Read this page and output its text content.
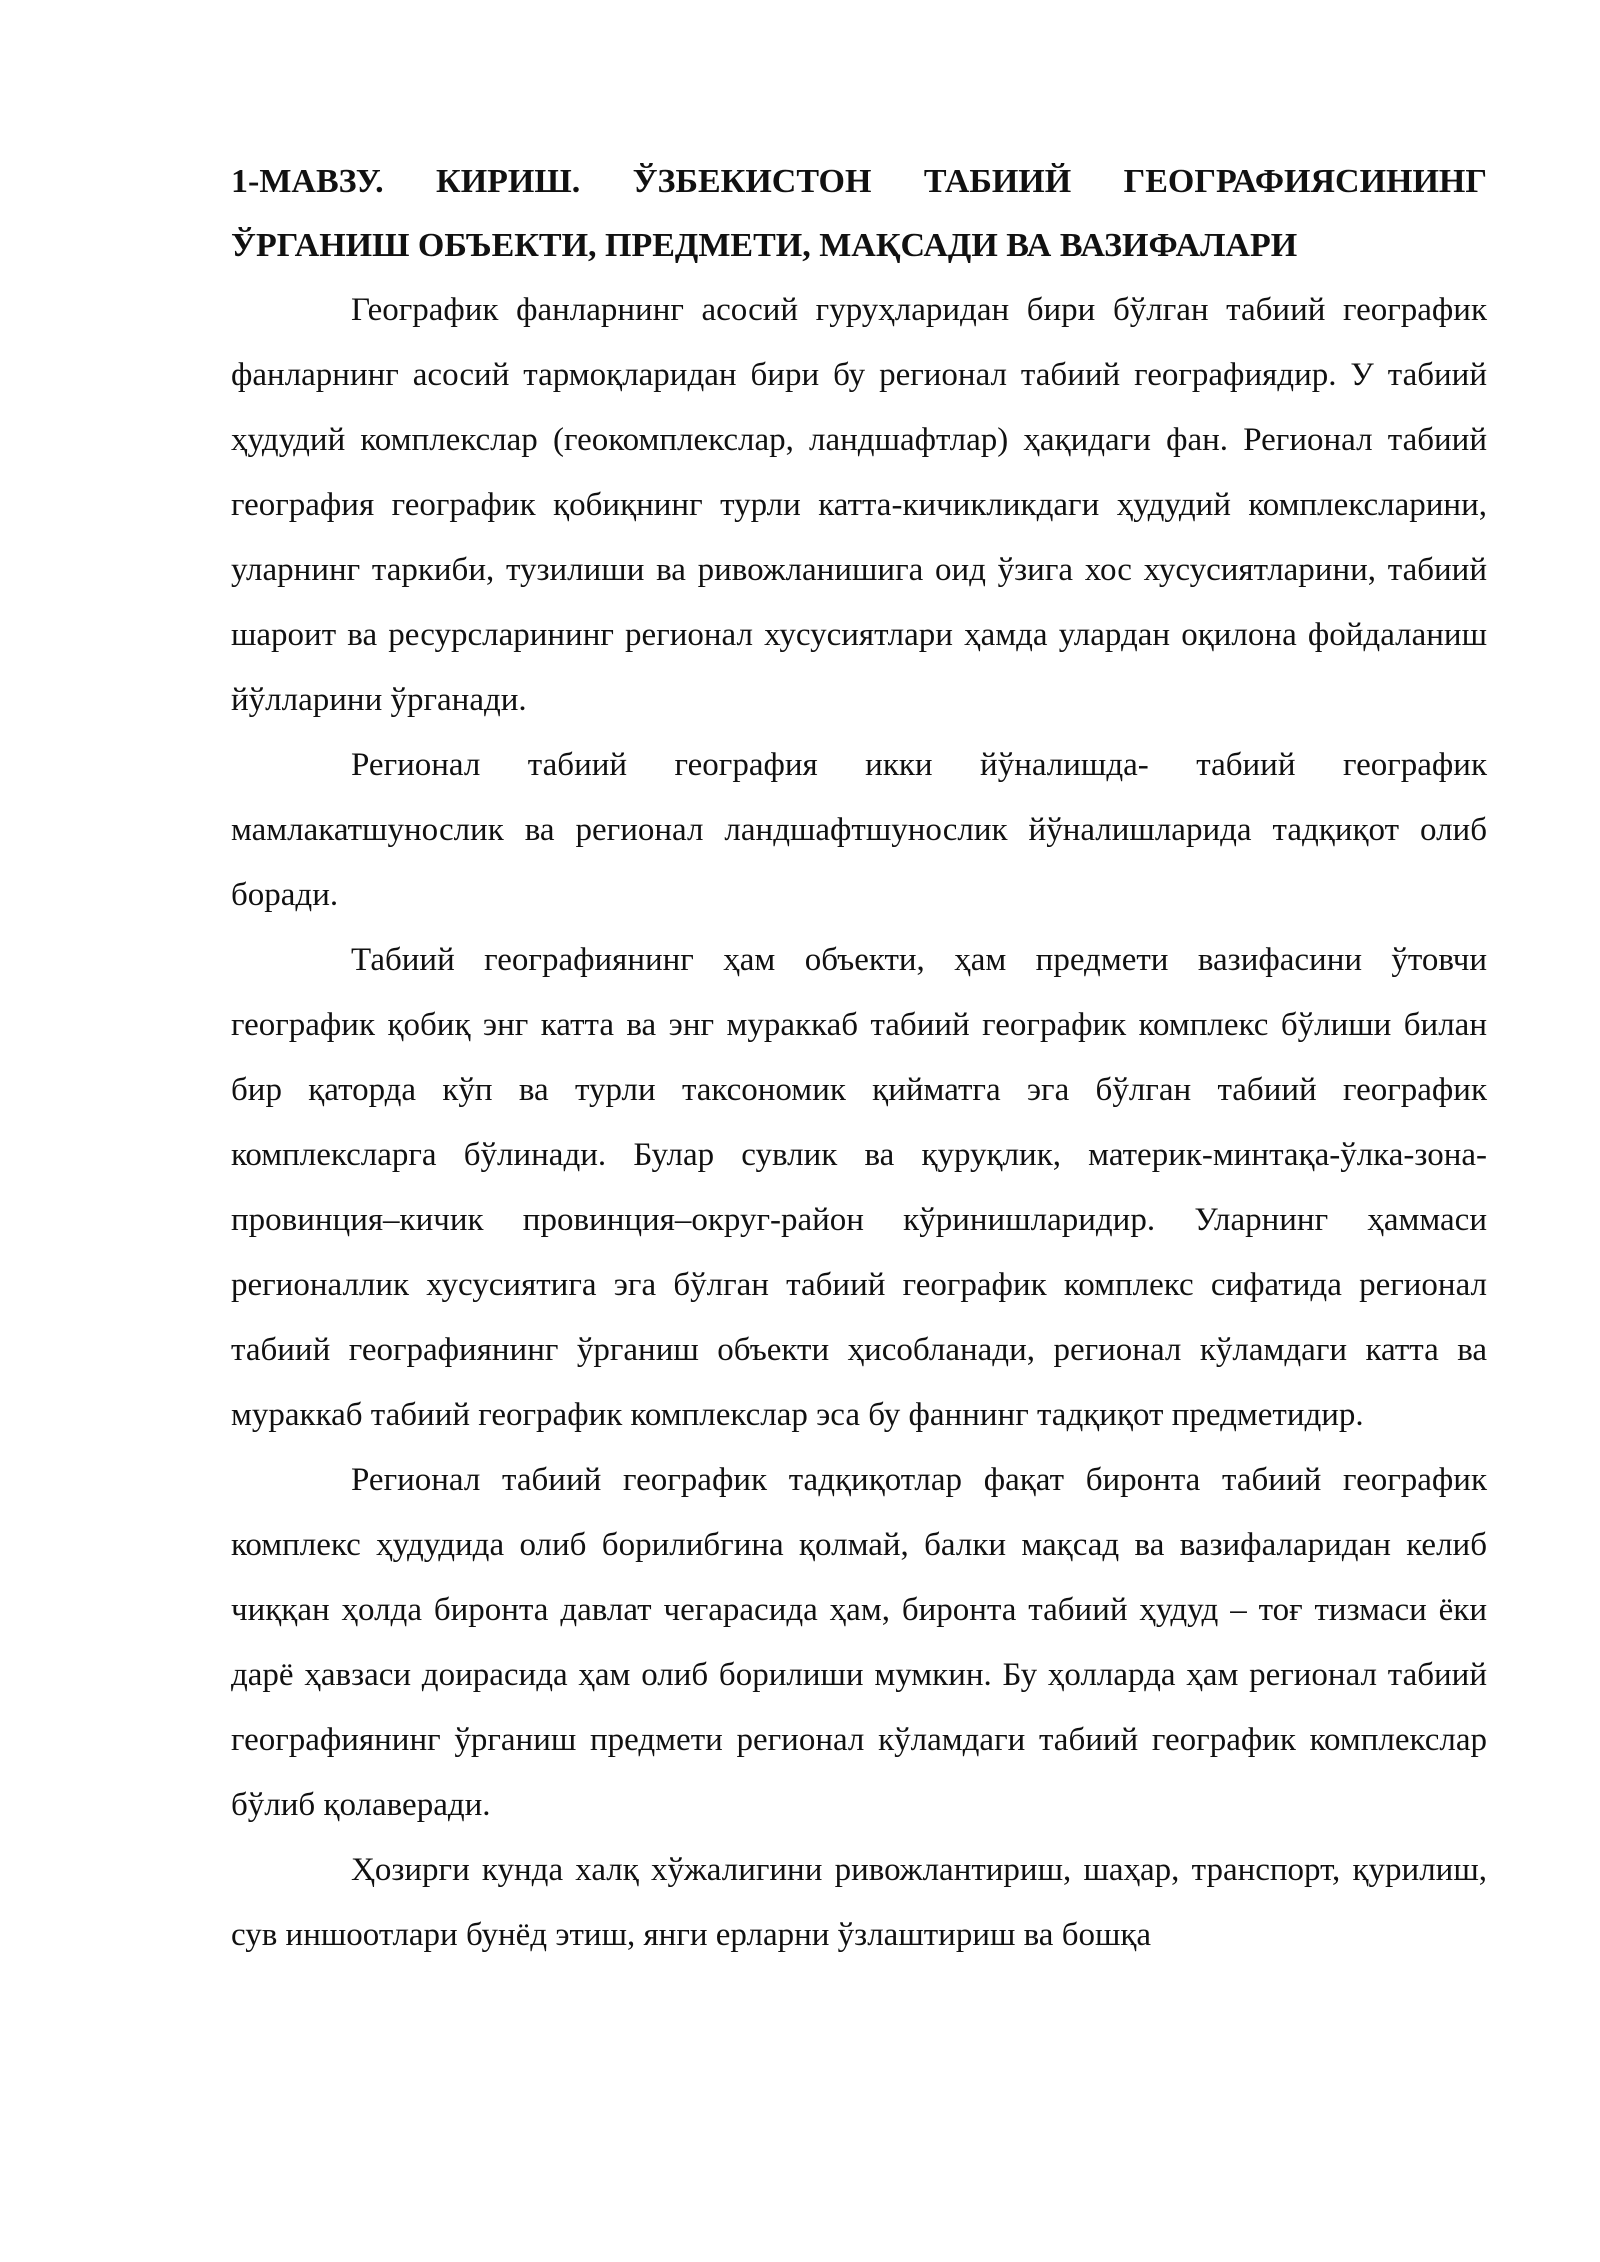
1-МАВЗУ. КИРИШ. ЎЗБЕКИСТОН ТАБИИЙ ГЕОГРАФИЯСИНИНГ
ЎРГАНИШ ОБЪЕКТИ, ПРЕДМЕТИ, МАҚСАДИ ВА ВАЗИФАЛАРИ

Географик фанларнинг асосий гуруҳларидан бири бўлган табиий географик фанларнинг асосий тармоқларидан бири бу регионал табиий географиядир. У табиий ҳудудий комплекслар (геокомплекслар, ландшафтлар) ҳақидаги фан. Регионал табиий география географик қобиқнинг турли катта-кичикликдаги ҳудудий комплексларини, уларнинг таркиби, тузилиши ва ривожланишига оид ўзига хос хусусиятларини, табиий шароит ва ресурсларининг регионал хусусиятлари ҳамда улардан оқилона фойдаланиш йўлларини ўрганади.

Регионал табиий география икки йўналишда- табиий географик мамлакатшунослик ва регионал ландшафтшунослик йўналишларида тадқиқот олиб боради.

Табиий географиянинг ҳам объекти, ҳам предмети вазифасини ўтовчи географик қобиқ энг катта ва энг мураккаб табиий географик комплекс бўлиши билан бир қаторда кўп ва турли таксономик қийматга эга бўлган табиий географик комплексларга бўлинади. Булар сувлик ва қуруқлик, материк-минтақа-ўлка-зона-провинция–кичик провинция–округ-район кўринишларидир. Уларнинг ҳаммаси регионаллик хусусиятига эга бўлган табиий географик комплекс сифатида регионал табиий географиянинг ўрганиш объекти ҳисобланади, регионал кўламдаги катта ва мураккаб табиий географик комплекслар эса бу фаннинг тадқиқот предметидир.

Регионал табиий географик тадқиқотлар фақат биронта табиий географик комплекс ҳудудида олиб борилибгина қолмай, балки мақсад ва вазифаларидан келиб чиққан ҳолда биронта давлат чегарасида ҳам, биронта табиий ҳудуд – тоғ тизмаси ёки дарё ҳавзаси доирасида ҳам олиб борилиши мумкин. Бу ҳолларда ҳам регионал табиий географиянинг ўрганиш предмети регионал кўламдаги табиий географик комплекслар бўлиб қолаверади.

Ҳозирги кунда халқ хўжалигини ривожлантириш, шаҳар, транспорт, қурилиш, сув иншоотлари бунёд этиш, янги ерларни ўзлаштириш ва бошқа
